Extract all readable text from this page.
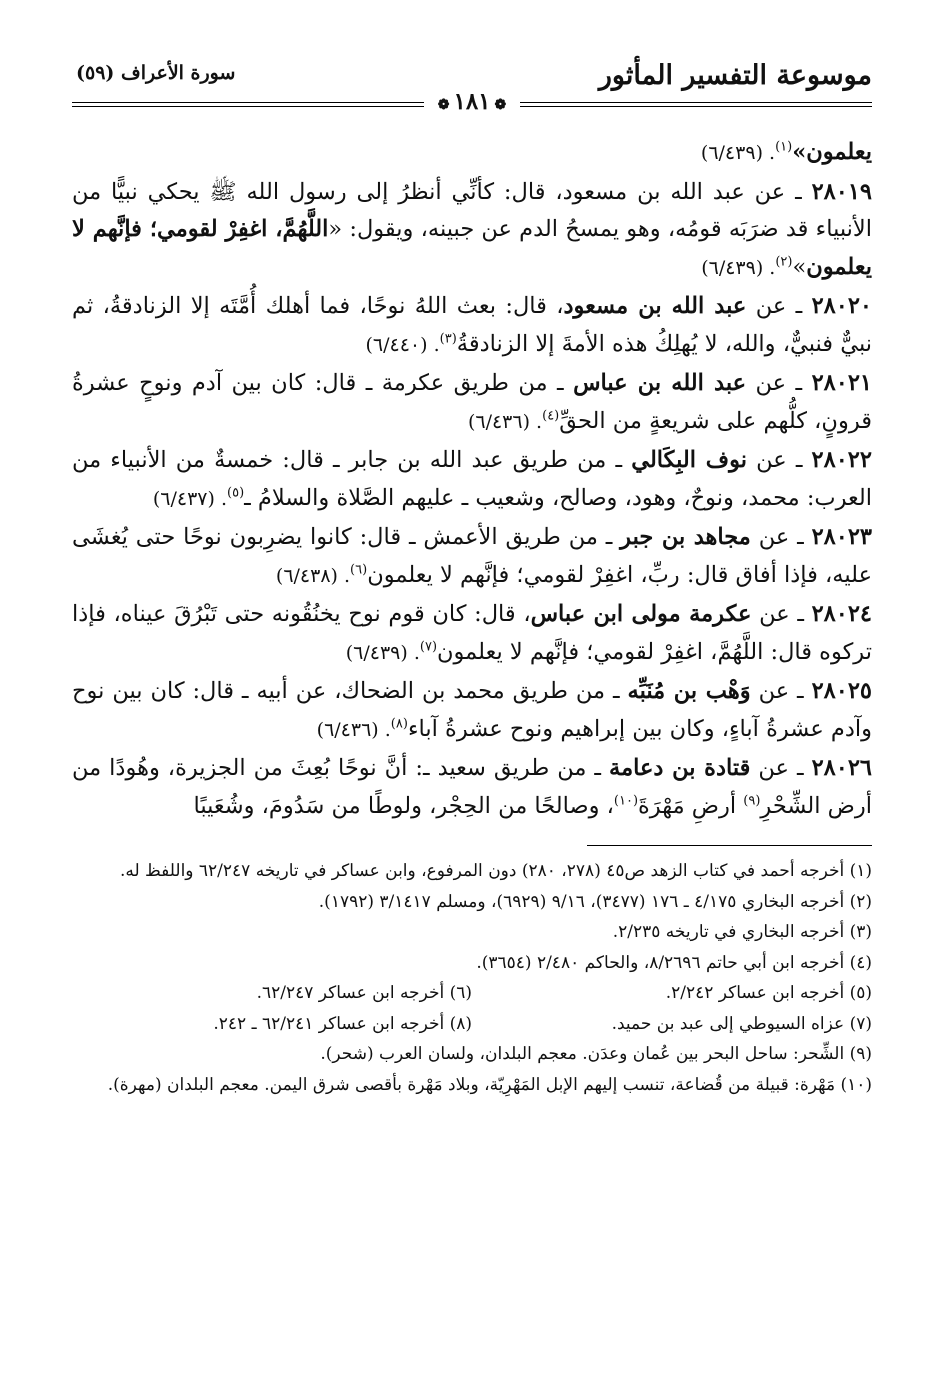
موسوعة التفسير المأثور
سورة الأعراف (٥٩)
❁١٨١❁

يعلمون»$^{(١)}$. (٦/٤٣٩)

٢٨٠١٩ ـ عن عبد الله بن مسعود، قال: كأنِّي أنظرُ إلى رسول الله ﷺ يحكي نبيًّا من الأنبياء قد ضرَبَه قومُه، وهو يمسحُ الدم عن جبينه، ويقول: «اللَّهُمَّ، اغفِرْ لقومي؛ فإنَّهم لا يعلمون»$^{(٢)}$. (٦/٤٣٩)

٢٨٠٢٠ ـ عن عبد الله بن مسعود، قال: بعث اللهُ نوحًا، فما أهلك أُمَّتَه إلا الزنادقةُ، ثم نبيٌّ فنبيٌّ، والله، لا يُهلِكُ هذه الأمةَ إلا الزنادقةُ$^{(٣)}$. (٦/٤٤٠)

٢٨٠٢١ ـ عن عبد الله بن عباس ـ من طريق عكرمة ـ قال: كان بين آدم ونوحٍ عشرةُ قرونٍ، كلُّهم على شريعةٍ من الحقِّ$^{(٤)}$. (٦/٤٣٦)

٢٨٠٢٢ ـ عن نوف البِكَالي ـ من طريق عبد الله بن جابر ـ قال: خمسةٌ من الأنبياء من العرب: محمد، ونوحٌ، وهود، وصالح، وشعيب ـ عليهم الصَّلاة والسلامُ ـ$^{(٥)}$. (٦/٤٣٧)

٢٨٠٢٣ ـ عن مجاهد بن جبر ـ من طريق الأعمش ـ قال: كانوا يضرِبون نوحًا حتى يُغشَى عليه، فإذا أفاق قال: ربِّ، اغفِرْ لقومي؛ فإنَّهم لا يعلمون$^{(٦)}$. (٦/٤٣٨)

٢٨٠٢٤ ـ عن عكرمة مولى ابن عباس، قال: كان قوم نوح يخنُقُونه حتى تَبْرُقَ عيناه، فإذا تركوه قال: اللَّهُمَّ، اغفِرْ لقومي؛ فإنَّهم لا يعلمون$^{(٧)}$. (٦/٤٣٩)

٢٨٠٢٥ ـ عن وَهْب بن مُنَبِّه ـ من طريق محمد بن الضحاك، عن أبيه ـ قال: كان بين نوح وآدم عشرةُ آباءٍ، وكان بين إبراهيم ونوح عشرةُ آباء$^{(٨)}$. (٦/٤٣٦)

٢٨٠٢٦ ـ عن قتادة بن دعامة ـ من طريق سعيد ـ: أنَّ نوحًا بُعِثَ من الجزيرة، وهُودًا من أرض الشِّحْرِ$^{(٩)}$ أرضِ مَهْرَةَ$^{(١٠)}$، وصالحًا من الحِجْر، ولوطًا من سَدُومَ، وشُعَيبًا

(١) أخرجه أحمد في كتاب الزهد ص٤٥ (٢٧٨، ٢٨٠) دون المرفوع، وابن عساكر في تاريخه ٦٢/٢٤٧ واللفظ له.

(٢) أخرجه البخاري ٤/١٧٥ ـ ١٧٦ (٣٤٧٧)، ٩/١٦ (٦٩٢٩)، ومسلم ٣/١٤١٧ (١٧٩٢).

(٣) أخرجه البخاري في تاريخه ٢/٢٣٥.

(٤) أخرجه ابن أبي حاتم ٨/٢٦٩٦، والحاكم ٢/٤٨٠ (٣٦٥٤).

(٥) أخرجه ابن عساكر ٢/٢٤٢.

(٦) أخرجه ابن عساكر ٦٢/٢٤٧.

(٧) عزاه السيوطي إلى عبد بن حميد.

(٨) أخرجه ابن عساكر ٦٢/٢٤١ ـ ٢٤٢.

(٩) الشِّحر: ساحل البحر بين عُمان وعدَن. معجم البلدان، ولسان العرب (شحر).

(١٠) مَهْرة: قبيلة من قُضاعة، تنسب إليهم الإبل المَهْرِيّة، وبلاد مَهْرة بأقصى شرق اليمن. معجم البلدان (مهرة).
